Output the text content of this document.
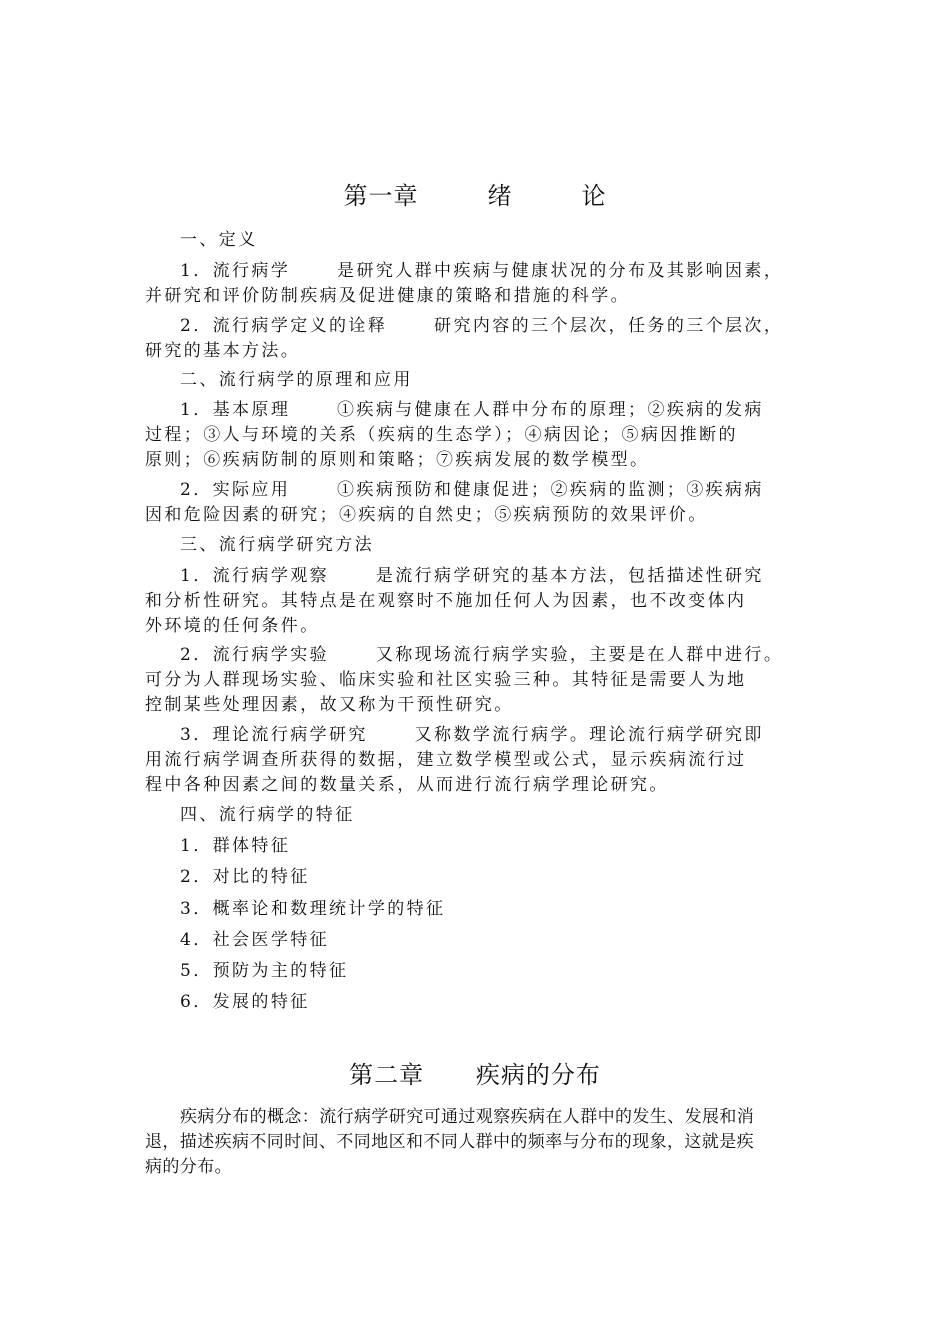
第一章        绪        论
一、定义
1．流行病学      是研究人群中疾病与健康状况的分布及其影响因素，
并研究和评价防制疾病及促进健康的策略和措施的科学。
2．流行病学定义的诠释      研究内容的三个层次，任务的三个层次，
研究的基本方法。
二、流行病学的原理和应用
1．基本原理      ①疾病与健康在人群中分布的原理；②疾病的发病
过程；③人与环境的关系（疾病的生态学）；④病因论；⑤病因推断的
原则；⑥疾病防制的原则和策略；⑦疾病发展的数学模型。
2．实际应用      ①疾病预防和健康促进；②疾病的监测；③疾病病
因和危险因素的研究；④疾病的自然史；⑤疾病预防的效果评价。
三、流行病学研究方法
1．流行病学观察      是流行病学研究的基本方法，包括描述性研究
和分析性研究。其特点是在观察时不施加任何人为因素，也不改变体内
外环境的任何条件。
2．流行病学实验      又称现场流行病学实验，主要是在人群中进行。
可分为人群现场实验、临床实验和社区实验三种。其特征是需要人为地
控制某些处理因素，故又称为干预性研究。
3．理论流行病学研究      又称数学流行病学。理论流行病学研究即
用流行病学调查所获得的数据，建立数学模型或公式，显示疾病流行过
程中各种因素之间的数量关系，从而进行流行病学理论研究。
四、流行病学的特征
1．群体特征
2．对比的特征
3．概率论和数理统计学的特征
4．社会医学特征
5．预防为主的特征
6．发展的特征
第二章      疾病的分布
疾病分布的概念：流行病学研究可通过观察疾病在人群中的发生、发展和消
退，描述疾病不同时间、不同地区和不同人群中的频率与分布的现象，这就是疾
病的分布。
